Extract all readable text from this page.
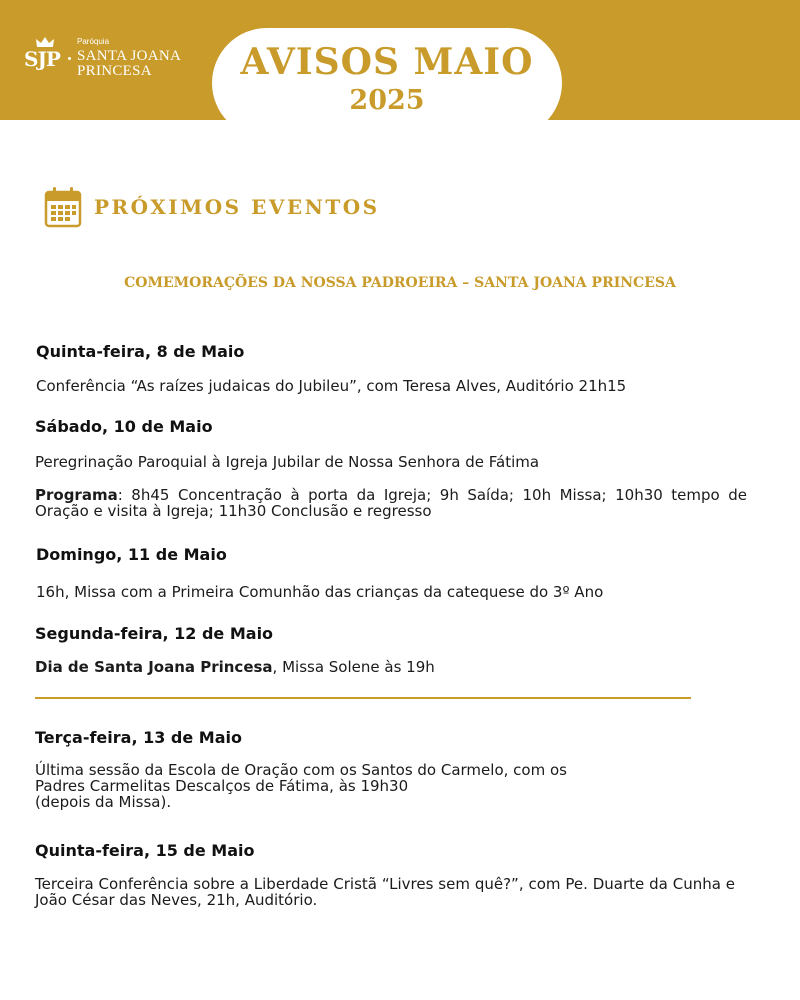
SJP
Paróquia
SANTA JOANA
PRINCESA	AVISOS MAIO
2025
PRÓXIMOS EVENTOS
COMEMORAÇÕES DA NOSSA PADROEIRA – SANTA JOANA PRINCESA
Quinta-feira, 8 de Maio
Conferência “As raízes judaicas do Jubileu”, com Teresa Alves, Auditório 21h15
Sábado, 10 de Maio
Peregrinação Paroquial à Igreja Jubilar de Nossa Senhora de Fátima
Programa: 8h45 Concentração à porta da Igreja; 9h Saída; 10h Missa; 10h30 tempo de Oração e visita à Igreja; 11h30 Conclusão e regresso
Domingo, 11 de Maio
16h, Missa com a Primeira Comunhão das crianças da catequese do 3º Ano
Segunda-feira, 12 de Maio
Dia de Santa Joana Princesa, Missa Solene às 19h
Terça-feira, 13 de Maio
Última sessão da Escola de Oração com os Santos do Carmelo, com os
Padres Carmelitas Descalços de Fátima, às 19h30
(depois da Missa).
Quinta-feira, 15 de Maio
Terceira Conferência sobre a Liberdade Cristã “Livres sem quê?”, com Pe. Duarte da Cunha e João César das Neves, 21h, Auditório.
